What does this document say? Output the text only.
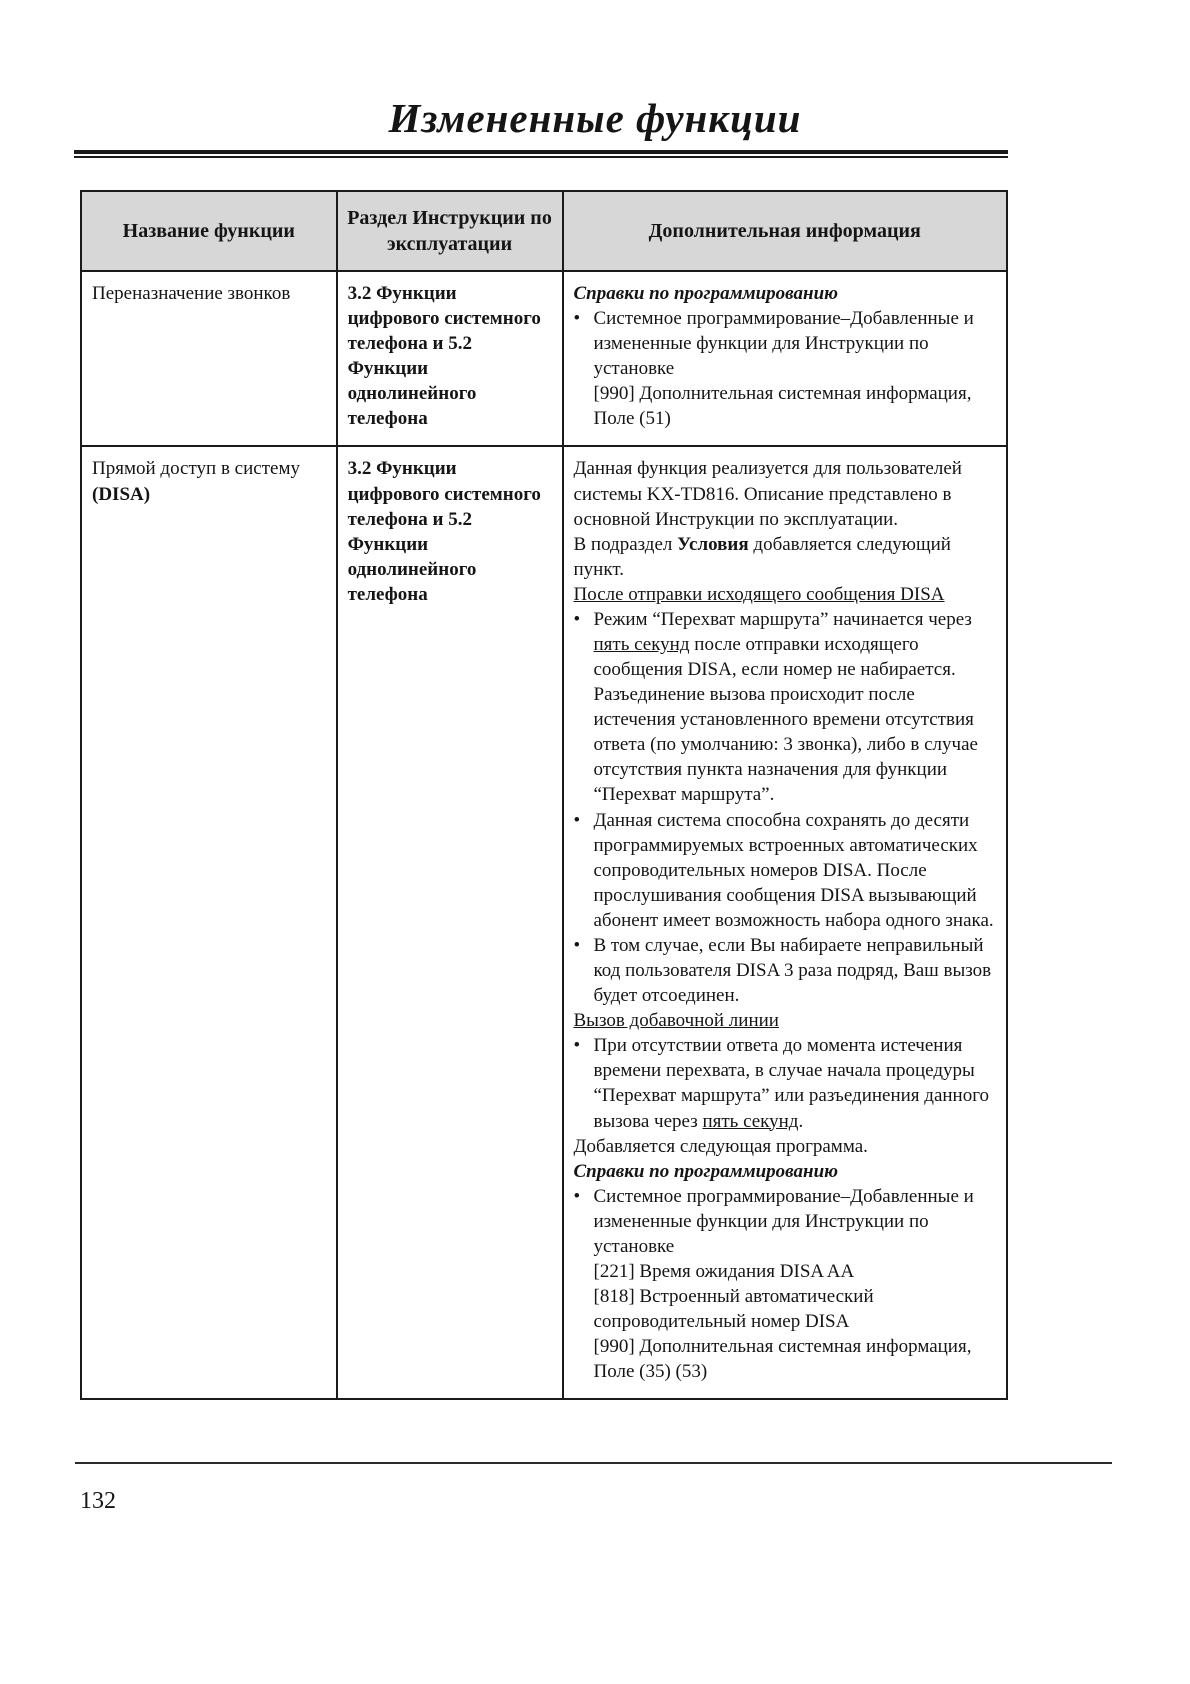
Измененные функции
Название функции	Раздел Инструкции по эксплуатации	Дополнительная информация
Переназначение звонков	3.2 Функции цифрового системного телефона и 5.2 Функции однолинейного телефона	Справки по программированию
• Системное программирование–Добавленные и измененные функции для Инструкции по установке
[990] Дополнительная системная информация, Поле (51)

Прямой доступ в систему (DISA)	3.2 Функции цифрового системного телефона и 5.2 Функции однолинейного телефона	
Данная функция реализуется для пользователей системы KX-TD816. Описание представлено в основной Инструкции по эксплуатации.
В подраздел Условия добавляется следующий пункт.
После отправки исходящего сообщения DISA
• Режим “Перехват маршрута” начинается через пять секунд после отправки исходящего сообщения DISA, если номер не набирается. Разъединение вызова происходит после истечения установленного времени отсутствия ответа (по умолчанию: 3 звонка), либо в случае отсутствия пункта назначения для функции “Перехват маршрута”.
• Данная система способна сохранять до десяти программируемых встроенных автоматических сопроводительных номеров DISA. После прослушивания сообщения DISA вызывающий абонент имеет возможность набора одного знака.
• В том случае, если Вы набираете неправильный код пользователя DISA 3 раза подряд, Ваш вызов будет отсоединен.
Вызов добавочной линии
• При отсутствии ответа до момента истечения времени перехвата, в случае начала процедуры “Перехват маршрута” или разъединения данного вызова через пять секунд.
Добавляется следующая программа.
Справки по программированию
• Системное программирование–Добавленные и измененные функции для Инструкции по установке
[221] Время ожидания DISA AA
[818] Встроенный автоматический сопроводительный номер DISA
[990] Дополнительная системная информация, Поле (35) (53)
132
